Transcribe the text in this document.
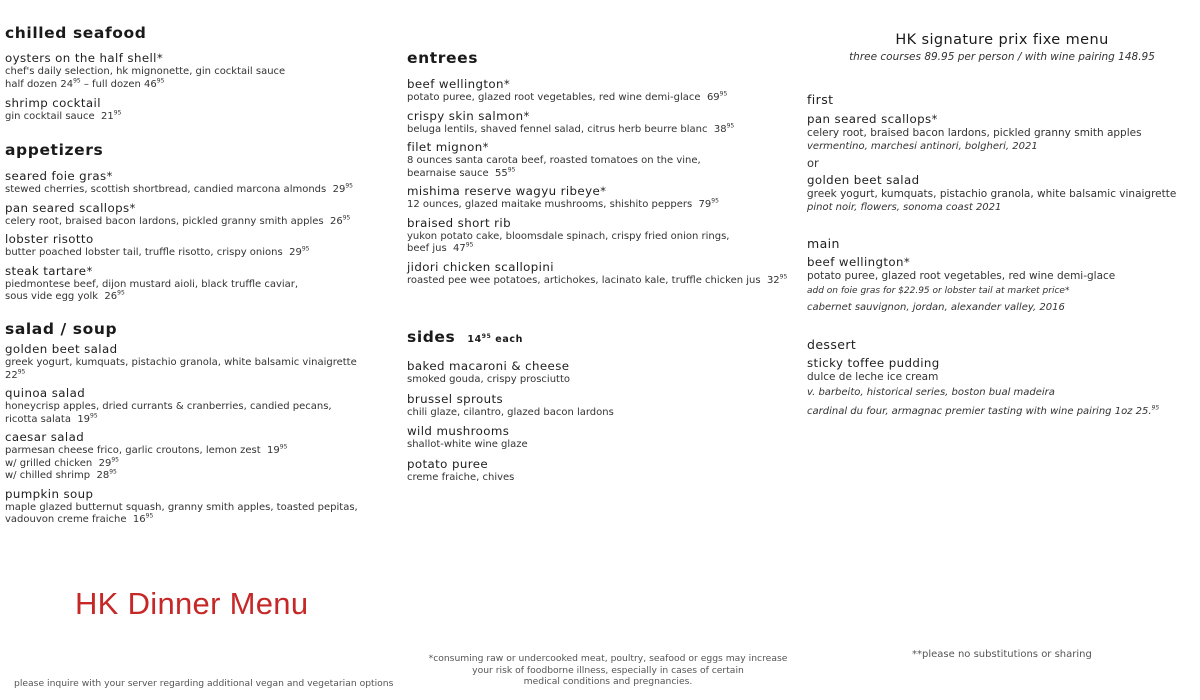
chilled seafood
oysters on the half shell*
chef's daily selection, hk mignonette, gin cocktail sauce
half dozen $24^{95}$ – full dozen $46^{95}$
shrimp cocktail
gin cocktail sauce $21^{95}$
appetizers
seared foie gras*
stewed cherries, scottish shortbread, candied marcona almonds $29^{95}$
pan seared scallops*
celery root, braised bacon lardons, pickled granny smith apples $26^{95}$
lobster risotto
butter poached lobster tail, truffle risotto, crispy onions $29^{95}$
steak tartare*
piedmontese beef, dijon mustard aioli, black truffle caviar,
sous vide egg yolk $26^{95}$
salad / soup
golden beet salad
greek yogurt, kumquats, pistachio granola, white balsamic vinaigrette
$22^{95}$
quinoa salad
honeycrisp apples, dried currants & cranberries, candied pecans,
ricotta salata $19^{95}$
caesar salad
parmesan cheese frico, garlic croutons, lemon zest $19^{95}$
w/ grilled chicken $29^{95}$
w/ chilled shrimp $28^{95}$
pumpkin soup
maple glazed butternut squash, granny smith apples, toasted pepitas,
vadouvon creme fraiche $16^{95}$
entrees
beef wellington*
potato puree, glazed root vegetables, red wine demi-glace $69^{95}$
crispy skin salmon*
beluga lentils, shaved fennel salad, citrus herb beurre blanc $38^{95}$
filet mignon*
8 ounces santa carota beef, roasted tomatoes on the vine,
bearnaise sauce $55^{95}$
mishima reserve wagyu ribeye*
12 ounces, glazed maitake mushrooms, shishito peppers $79^{95}$
braised short rib
yukon potato cake, bloomsdale spinach, crispy fried onion rings,
beef jus $47^{95}$
jidori chicken scallopini
roasted pee wee potatoes, artichokes, lacinato kale, truffle chicken jus $32^{95}$
sides $14^{95}$ each
baked macaroni & cheese
smoked gouda, crispy prosciutto
brussel sprouts
chili glaze, cilantro, glazed bacon lardons
wild mushrooms
shallot-white wine glaze
potato puree
creme fraiche, chives
HK signature prix fixe menu
three courses 89.95 per person / with wine pairing 148.95
first
pan seared scallops*
celery root, braised bacon lardons, pickled granny smith apples
vermentino, marchesi antinori, bolgheri, 2021
or
golden beet salad
greek yogurt, kumquats, pistachio granola, white balsamic vinaigrette
pinot noir, flowers, sonoma coast 2021
main
beef wellington*
potato puree, glazed root vegetables, red wine demi-glace
add on foie gras for $22.95 or lobster tail at market price*
cabernet sauvignon, jordan, alexander valley, 2016
dessert
sticky toffee pudding
dulce de leche ice cream
v. barbeito, historical series, boston bual madeira
cardinal du four, armagnac premier tasting with wine pairing 1oz 25.95
HK Dinner Menu
please inquire with your server regarding additional vegan and vegetarian options
*consuming raw or undercooked meat, poultry, seafood or eggs may increase
your risk of foodborne illness, especially in cases of certain
medical conditions and pregnancies.
**please no substitutions or sharing
